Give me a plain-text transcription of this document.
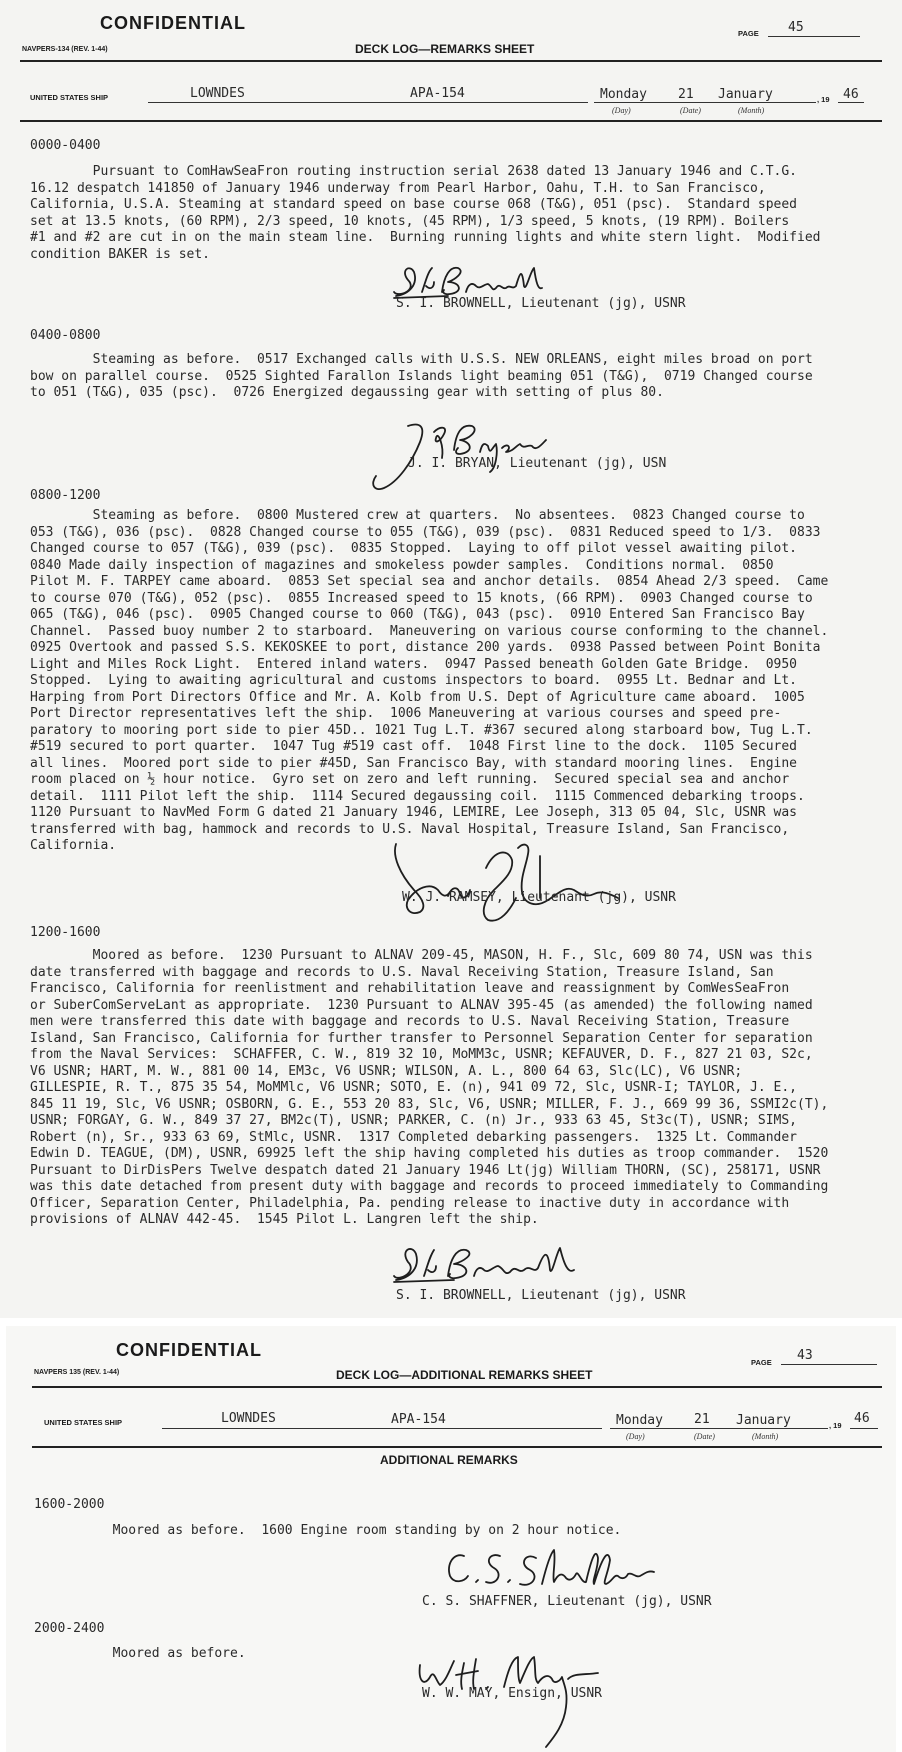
CONFIDENTIAL
NAVPERS-134 (REV. 1-44)	DECK LOG—REMARKS SHEET
PAGE 45
UNITED STATES SHIP	LOWNDES	APA-154	Monday 21 January	, 19 46
(Day)	(Date)	(Month)
0000-0400
Pursuant to ComHawSeaFron routing instruction serial 2638 dated 13 January 1946 and C.T.G.
16.12 despatch 141850 of January 1946 underway from Pearl Harbor, Oahu, T.H. to San Francisco,
California, U.S.A. Steaming at standard speed on base course 068 (T&G), 051 (psc).  Standard speed
set at 13.5 knots, (60 RPM), 2/3 speed, 10 knots, (45 RPM), 1/3 speed, 5 knots, (19 RPM). Boilers
#1 and #2 are cut in on the main steam line.  Burning running lights and white stern light.  Modified
condition BAKER is set.
S. I. BROWNELL, Lieutenant (jg), USNR
0400-0800
Steaming as before.  0517 Exchanged calls with U.S.S. NEW ORLEANS, eight miles broad on port
bow on parallel course.  0525 Sighted Farallon Islands light beaming 051 (T&G),  0719 Changed course
to 051 (T&G), 035 (psc).  0726 Energized degaussing gear with setting of plus 80.
J. I. BRYAN, Lieutenant (jg), USN
0800-1200
Steaming as before.  0800 Mustered crew at quarters.  No absentees.  0823 Changed course to
053 (T&G), 036 (psc).  0828 Changed course to 055 (T&G), 039 (psc).  0831 Reduced speed to 1/3.  0833
Changed course to 057 (T&G), 039 (psc).  0835 Stopped.  Laying to off pilot vessel awaiting pilot.
0840 Made daily inspection of magazines and smokeless powder samples.  Conditions normal.  0850
Pilot M. F. TARPEY came aboard.  0853 Set special sea and anchor details.  0854 Ahead 2/3 speed.  Came
to course 070 (T&G), 052 (psc).  0855 Increased speed to 15 knots, (66 RPM).  0903 Changed course to
065 (T&G), 046 (psc).  0905 Changed course to 060 (T&G), 043 (psc).  0910 Entered San Francisco Bay
Channel.  Passed buoy number 2 to starboard.  Maneuvering on various course conforming to the channel.
0925 Overtook and passed S.S. KEKOSKEE to port, distance 200 yards.  0938 Passed between Point Bonita
Light and Miles Rock Light.  Entered inland waters.  0947 Passed beneath Golden Gate Bridge.  0950
Stopped.  Lying to awaiting agricultural and customs inspectors to board.  0955 Lt. Bednar and Lt.
Harping from Port Directors Office and Mr. A. Kolb from U.S. Dept of Agriculture came aboard.  1005
Port Director representatives left the ship.  1006 Maneuvering at various courses and speed pre-
paratory to mooring port side to pier 45D.. 1021 Tug L.T. #367 secured along starboard bow, Tug L.T.
#519 secured to port quarter.  1047 Tug #519 cast off.  1048 First line to the dock.  1105 Secured
all lines.  Moored port side to pier #45D, San Francisco Bay, with standard mooring lines.  Engine
room placed on ½ hour notice.  Gyro set on zero and left running.  Secured special sea and anchor
detail.  1111 Pilot left the ship.  1114 Secured degaussing coil.  1115 Commenced debarking troops.
1120 Pursuant to NavMed Form G dated 21 January 1946, LEMIRE, Lee Joseph, 313 05 04, Slc, USNR was
transferred with bag, hammock and records to U.S. Naval Hospital, Treasure Island, San Francisco,
California.
W. J. RAMSEY, Lieutenant (jg), USNR
1200-1600
Moored as before.  1230 Pursuant to ALNAV 209-45, MASON, H. F., Slc, 609 80 74, USN was this
date transferred with baggage and records to U.S. Naval Receiving Station, Treasure Island, San
Francisco, California for reenlistment and rehabilitation leave and reassignment by ComWesSeaFron
or SuberComServeLant as appropriate.  1230 Pursuant to ALNAV 395-45 (as amended) the following named
men were transferred this date with baggage and records to U.S. Naval Receiving Station, Treasure
Island, San Francisco, California for further transfer to Personnel Separation Center for separation
from the Naval Services:  SCHAFFER, C. W., 819 32 10, MoMM3c, USNR; KEFAUVER, D. F., 827 21 03, S2c,
V6 USNR; HART, M. W., 881 00 14, EM3c, V6 USNR; WILSON, A. L., 800 64 63, Slc(LC), V6 USNR;
GILLESPIE, R. T., 875 35 54, MoMMlc, V6 USNR; SOTO, E. (n), 941 09 72, Slc, USNR-I; TAYLOR, J. E.,
845 11 19, Slc, V6 USNR; OSBORN, G. E., 553 20 83, Slc, V6, USNR; MILLER, F. J., 669 99 36, SSMI2c(T),
USNR; FORGAY, G. W., 849 37 27, BM2c(T), USNR; PARKER, C. (n) Jr., 933 63 45, St3c(T), USNR; SIMS,
Robert (n), Sr., 933 63 69, StMlc, USNR.  1317 Completed debarking passengers.  1325 Lt. Commander
Edwin D. TEAGUE, (DM), USNR, 69925 left the ship having completed his duties as troop commander.  1520
Pursuant to DirDisPers Twelve despatch dated 21 January 1946 Lt(jg) William THORN, (SC), 258171, USNR
was this date detached from present duty with baggage and records to proceed immediately to Commanding
Officer, Separation Center, Philadelphia, Pa. pending release to inactive duty in accordance with
provisions of ALNAV 442-45.  1545 Pilot L. Langren left the ship.
S. I. BROWNELL, Lieutenant (jg), USNR
CONFIDENTIAL
NAVPERS 135 (REV. 1-44)	DECK LOG—ADDITIONAL REMARKS SHEET
PAGE 43
UNITED STATES SHIP	LOWNDES	APA-154	Monday 21 January	, 19 46
(Day)	(Date)	(Month)
ADDITIONAL REMARKS
1600-2000
Moored as before.  1600 Engine room standing by on 2 hour notice.
C. S. SHAFFNER, Lieutenant (jg), USNR
2000-2400
Moored as before.
W. W. MAY, Ensign, USNR
